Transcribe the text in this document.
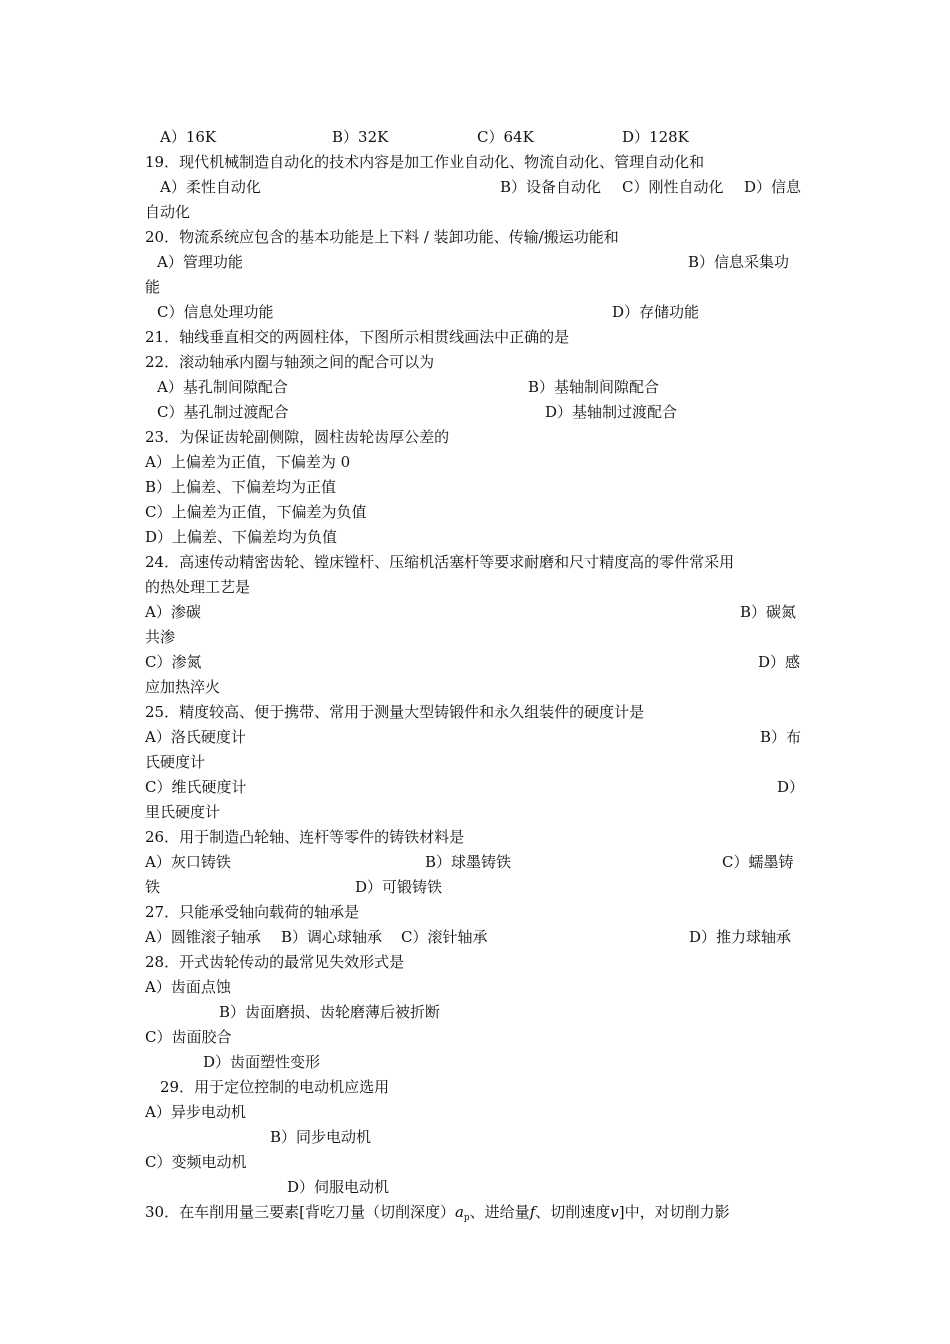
A）16K	B）32K	C）64K	D）128K
19．现代机械制造自动化的技术内容是加工作业自动化、物流自动化、管理自动化和
A）柔性自动化	B）设备自动化 C）刚性自动化 D）信息
自动化
20．物流系统应包含的基本功能是上下料 / 装卸功能、传输/搬运功能和
A）管理功能	B）信息采集功
能
C）信息处理功能	D）存储功能
21．轴线垂直相交的两圆柱体，下图所示相贯线画法中正确的是
22．滚动轴承内圈与轴颈之间的配合可以为
A）基孔制间隙配合	B）基轴制间隙配合
C）基孔制过渡配合	D）基轴制过渡配合
23．为保证齿轮副侧隙，圆柱齿轮齿厚公差的
A）上偏差为正值，下偏差为 0
B）上偏差、下偏差均为正值
C）上偏差为正值，下偏差为负值
D）上偏差、下偏差均为负值
24．高速传动精密齿轮、镗床镗杆、压缩机活塞杆等要求耐磨和尺寸精度高的零件常采用
的热处理工艺是
A）渗碳	B）碳氮
共渗
C）渗氮	D）感
应加热淬火
25．精度较高、便于携带、常用于测量大型铸锻件和永久组装件的硬度计是
A）洛氏硬度计	B）布
氏硬度计
C）维氏硬度计	D）
里氏硬度计
26．用于制造凸轮轴、连杆等零件的铸铁材料是
A）灰口铸铁	B）球墨铸铁	C）蠕墨铸
铁	D）可锻铸铁
27．只能承受轴向载荷的轴承是
A）圆锥滚子轴承 B）调心球轴承 C）滚针轴承	D）推力球轴承
28．开式齿轮传动的最常见失效形式是
A）齿面点蚀
B）齿面磨损、齿轮磨薄后被折断
C）齿面胶合
D）齿面塑性变形
29．用于定位控制的电动机应选用
A）异步电动机
B）同步电动机
C）变频电动机
D）伺服电动机
30．在车削用量三要素[背吃刀量（切削深度）$a_p$、进给量f、切削速度v]中，对切削力影
